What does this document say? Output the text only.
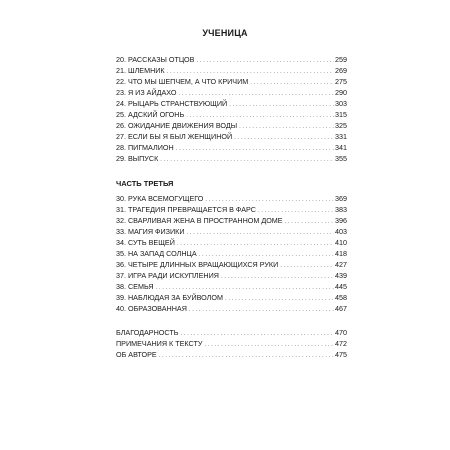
УЧЕНИЦА
20. РАССКАЗЫ ОТЦОВ . . .	259
21. ШЛЕМНИК . . .	269
22. ЧТО МЫ ШЕПЧЕМ, А ЧТО КРИЧИМ . . .	275
23. Я ИЗ АЙДАХО . . .	290
24. РЫЦАРЬ СТРАНСТВУЮЩИЙ . . .	303
25. АДСКИЙ ОГОНЬ . . .	315
26. ОЖИДАНИЕ ДВИЖЕНИЯ ВОДЫ . . .	325
27. ЕСЛИ БЫ Я БЫЛ ЖЕНЩИНОЙ . . .	331
28. ПИГМАЛИОН . . .	341
29. ВЫПУСК . . .	355
ЧАСТЬ ТРЕТЬЯ
30. РУКА ВСЕМОГУЩЕГО . . .	369
31. ТРАГЕДИЯ ПРЕВРАЩАЕТСЯ В ФАРС . . .	383
32. СВАРЛИВАЯ ЖЕНА В ПРОСТРАННОМ ДОМЕ . . .	396
33. МАГИЯ ФИЗИКИ . . .	403
34. СУТЬ ВЕЩЕЙ . . .	410
35. НА ЗАПАД СОЛНЦА . . .	418
36. ЧЕТЫРЕ ДЛИННЫХ ВРАЩАЮЩИХСЯ РУКИ . . .	427
37. ИГРА РАДИ ИСКУПЛЕНИЯ . . .	439
38. СЕМЬЯ . . .	445
39. НАБЛЮДАЯ ЗА БУЙВОЛОМ . . .	458
40. ОБРАЗОВАННАЯ . . .	467
БЛАГОДАРНОСТЬ . . .	470
ПРИМЕЧАНИЯ К ТЕКСТУ . . .	472
ОБ АВТОРЕ . . .	475
